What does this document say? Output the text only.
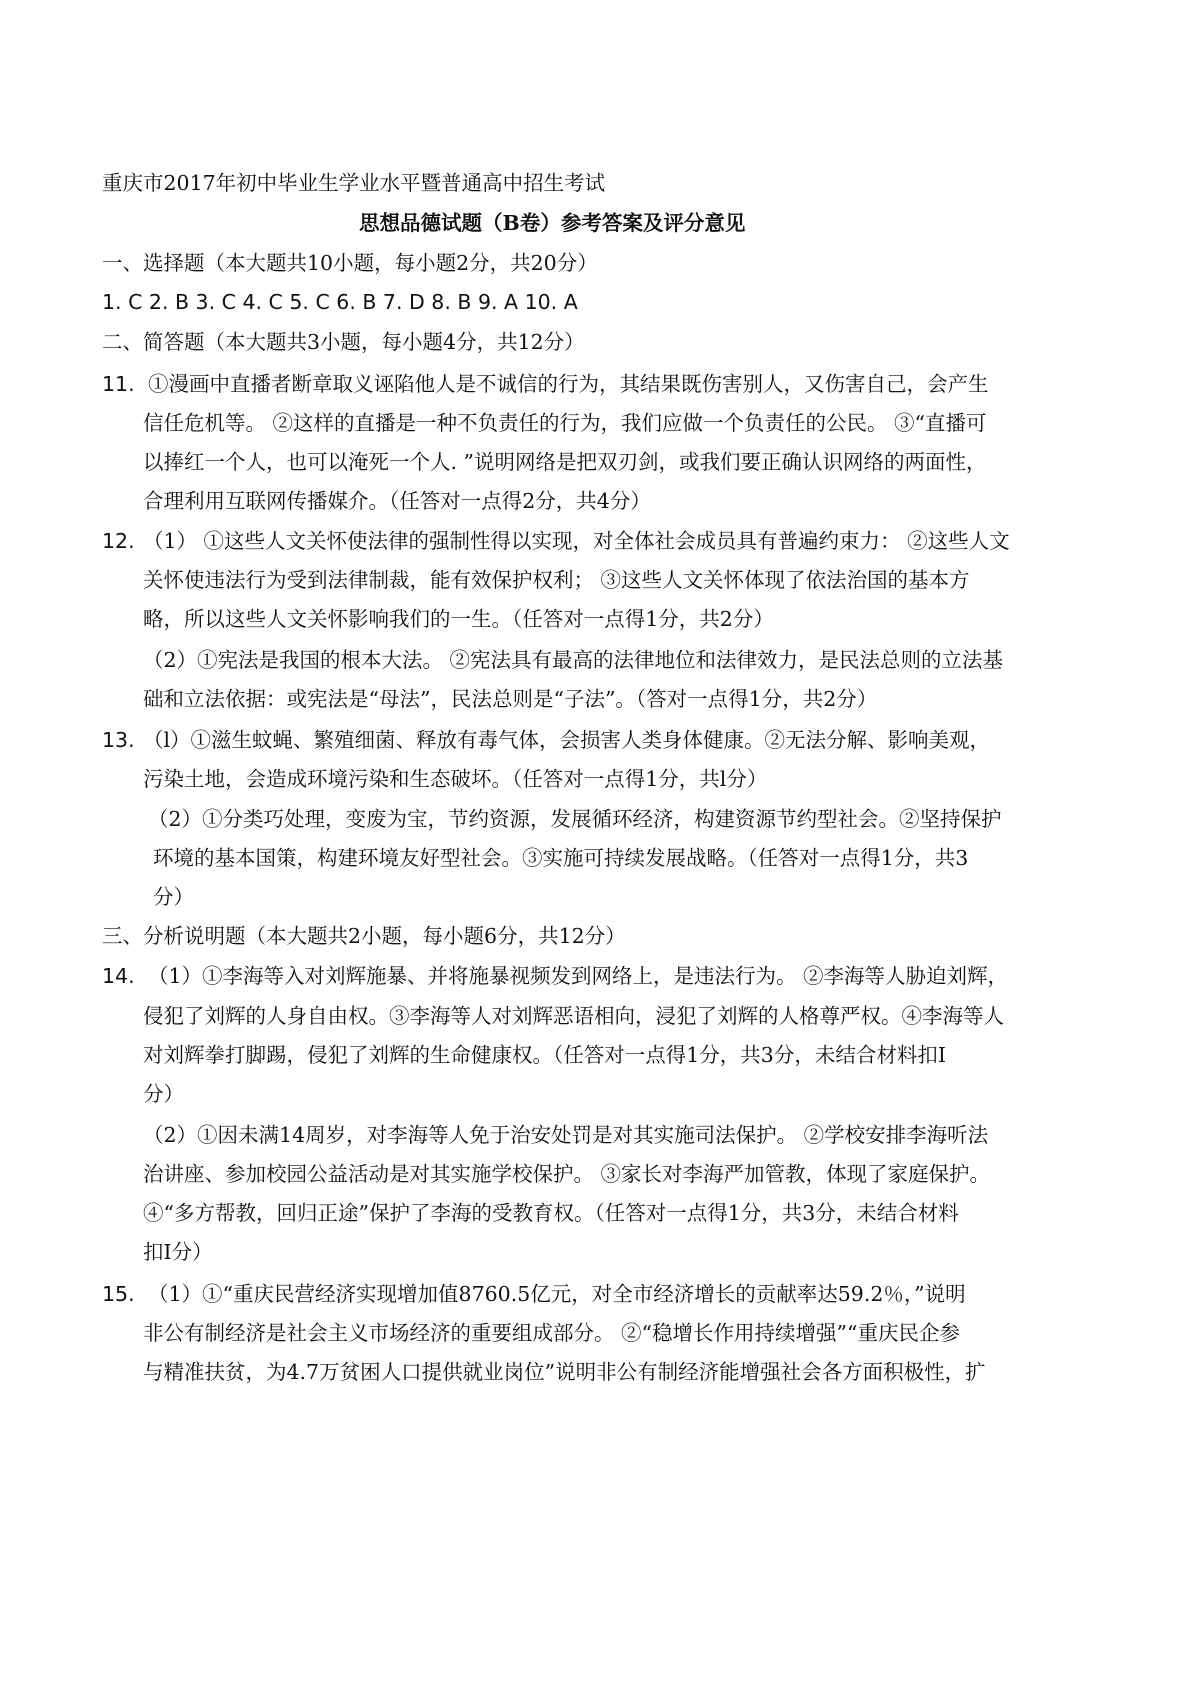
重庆市2017年初中毕业生学业水平暨普通高中招生考试
思想品德试题（B卷）参考答案及评分意见
一、选择题（本大题共10小题，每小题2分，共20分）
1. C 2. B 3. C 4. C 5. C 6. B 7. D 8. B 9. A 10. A
二、简答题（本大题共3小题，每小题4分，共12分）
11. ①漫画中直播者断章取义诬陷他人是不诚信的行为，其结果既伤害别人，又伤害自己，会产生
信任危机等。 ②这样的直播是一种不负责任的行为，我们应做一个负责任的公民。 ③“直播可
以捧红一个人，也可以淹死一个人. ”说明网络是把双刃剑，或我们要正确认识网络的两面性，
合理利用互联网传播媒介。（任答对一点得2分，共4分）
12. （1） ①这些人文关怀使法律的强制性得以实现，对全体社会成员具有普遍约束力： ②这些人文
关怀使违法行为受到法律制裁，能有效保护权利； ③这些人文关怀体现了依法治国的基本方
略，所以这些人文关怀影响我们的一生。（任答对一点得1分，共2分）
（2）①宪法是我国的根本大法。 ②宪法具有最高的法律地位和法律效力，是民法总则的立法基
础和立法依据：或宪法是“母法”，民法总则是“子法”。（答对一点得1分，共2分）
13. （l）①滋生蚊蝇、繁殖细菌、释放有毒气体，会损害人类身体健康。②无法分解、影响美观，
污染土地，会造成环境污染和生态破坏。（任答对一点得1分，共l分）
（2）①分类巧处理，变废为宝，节约资源，发展循环经济，构建资源节约型社会。②坚持保护
环境的基本国策，构建环境友好型社会。③实施可持续发展战略。（任答对一点得1分，共3
分）
三、分析说明题（本大题共2小题，每小题6分，共12分）
14. （1）①李海等入对刘辉施暴、并将施暴视频发到网络上，是违法行为。 ②李海等人胁迫刘辉，
侵犯了刘辉的人身自由权。③李海等人对刘辉恶语相向，浸犯了刘辉的人格尊严权。④李海等人
对刘辉拳打脚踢，侵犯了刘辉的生命健康权。（任答对一点得1分，共3分，未结合材料扣I
分）
（2）①因未满14周岁，对李海等人免于治安处罚是对其实施司法保护。 ②学校安排李海听法
治讲座、参加校园公益活动是对其实施学校保护。 ③家长对李海严加管教，体现了家庭保护。
④“多方帮教，回归正途”保护了李海的受教育权。（任答对一点得1分，共3分，未结合材料
扣I分）
15. （1）①“重庆民营经济实现增加值8760.5亿元，对全市经济增长的贡献率达59.2％，”说明
非公有制经济是社会主义市场经济的重要组成部分。 ②“稳增长作用持续增强”“重庆民企参
与精准扶贫，为4.7万贫困人口提供就业岗位”说明非公有制经济能增强社会各方面积极性，扩
